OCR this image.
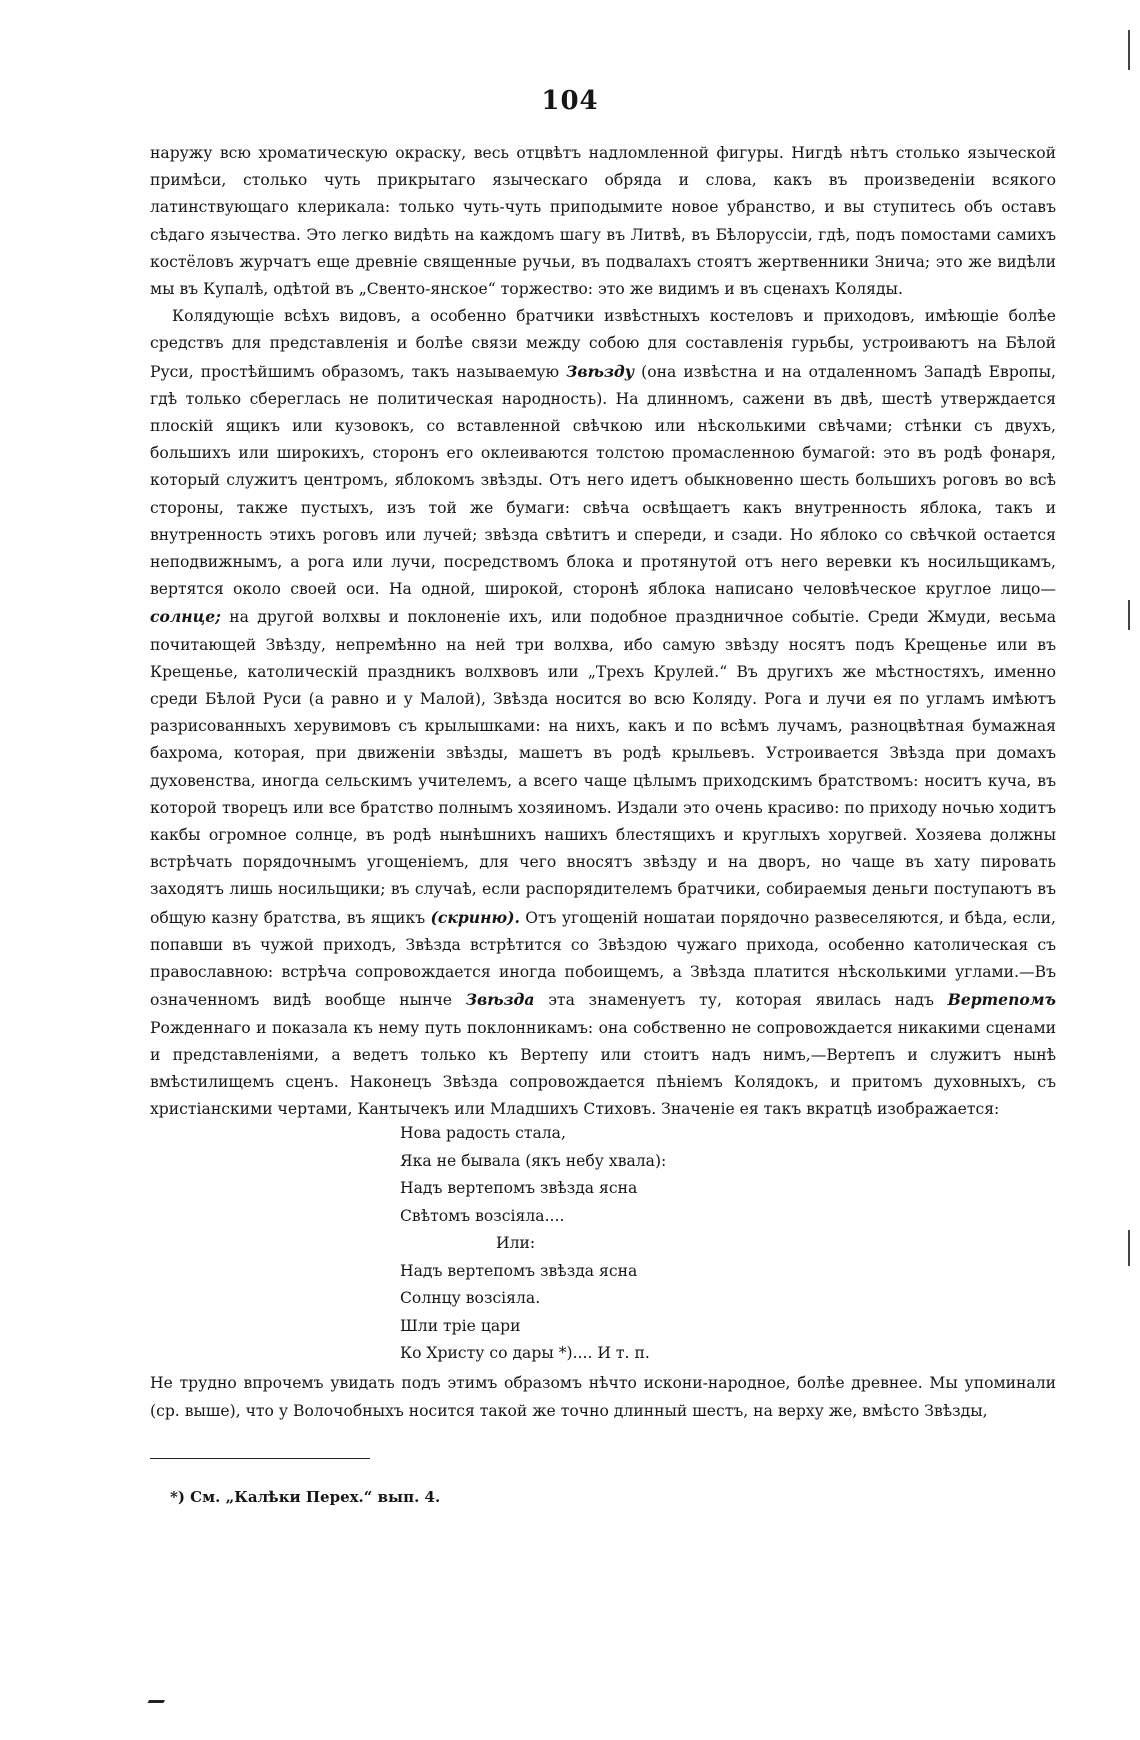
104

наружу всю хроматическую окраску, весь отцвѣтъ надломленной фигуры. Нигдѣ нѣтъ столько языческой примѣси, столько чуть прикрытаго языческаго обряда и слова, какъ въ произведеніи всякого латинствующаго клерикала: только чуть-чуть приподымите новое убранство, и вы ступитесь объ оставъ сѣдаго язычества. Это легко видѣть на каждомъ шагу въ Литвѣ, въ Бѣлоруссіи, гдѣ, подъ помостами самихъ костёловъ журчатъ еще древніе священные ручьи, въ подвалахъ стоятъ жертвенники Знича; это же видѣли мы въ Купалѣ, одѣтой въ „Свенто-янское“ торжество: это же видимъ и въ сценахъ Коляды.

Колядующіе всѣхъ видовъ, а особенно братчики извѣстныхъ костеловъ и приходовъ, имѣющіе болѣе средствъ для представленія и болѣе связи между собою для составленія гурьбы, устроиваютъ на Бѣлой Руси, простѣйшимъ образомъ, такъ называемую Звѣзду (она извѣстна и на отдаленномъ Западѣ Европы, гдѣ только сбереглась не политическая народность). На длинномъ, сажени въ двѣ, шестѣ утверждается плоскій ящикъ или кузовокъ, со вставленной свѣчкою или нѣсколькими свѣчами; стѣнки съ двухъ, большихъ или широкихъ, сторонъ его оклеиваются толстою промасленною бумагой: это въ родѣ фонаря, который служитъ центромъ, яблокомъ звѣзды. Отъ него идетъ обыкновенно шесть большихъ роговъ во всѣ стороны, также пустыхъ, изъ той же бумаги: свѣча освѣщаетъ какъ внутренность яблока, такъ и внутренность этихъ роговъ или лучей; звѣзда свѣтитъ и спереди, и сзади. Но яблоко со свѣчкой остается неподвижнымъ, а рога или лучи, посредствомъ блока и протянутой отъ него веревки къ носильщикамъ, вертятся около своей оси. На одной, широкой, сторонѣ яблока написано человѣческое круглое лицо—солнце; на другой волхвы и поклоненіе ихъ, или подобное праздничное событіе. Среди Жмуди, весьма почитающей Звѣзду, непремѣнно на ней три волхва, ибо самую звѣзду носятъ подъ Крещенье или въ Крещенье, католическій праздникъ волхвовъ или „Трехъ Крулей.“ Въ другихъ же мѣстностяхъ, именно среди Бѣлой Руси (а равно и у Малой), Звѣзда носится во всю Коляду. Рога и лучи ея по угламъ имѣютъ разрисованныхъ херувимовъ съ крылышками: на нихъ, какъ и по всѣмъ лучамъ, разноцвѣтная бумажная бахрома, которая, при движеніи звѣзды, машетъ въ родѣ крыльевъ. Устроивается Звѣзда при домахъ духовенства, иногда сельскимъ учителемъ, а всего чаще цѣлымъ приходскимъ братствомъ: носитъ куча, въ которой творецъ или все братство полнымъ хозяиномъ. Издали это очень красиво: по приходу ночью ходитъ какбы огромное солнце, въ родѣ нынѣшнихъ нашихъ блестящихъ и круглыхъ хоругвей. Хозяева должны встрѣчать порядочнымъ угощеніемъ, для чего вносятъ звѣзду и на дворъ, но чаще въ хату пировать заходятъ лишь носильщики; въ случаѣ, если распорядителемъ братчики, собираемыя деньги поступаютъ въ общую казну братства, въ ящикъ (скриню). Отъ угощеній ношатаи порядочно развеселяются, и бѣда, если, попавши въ чужой приходъ, Звѣзда встрѣтится со Звѣздою чужаго прихода, особенно католическая съ православною: встрѣча сопровождается иногда побоищемъ, а Звѣзда платится нѣсколькими углами.—Въ означенномъ видѣ вообще нынче Звѣзда эта знаменуетъ ту, которая явилась надъ Вертепомъ Рожденнаго и показала къ нему путь поклонникамъ: она собственно не сопровождается никакими сценами и представленіями, а ведетъ только къ Вертепу или стоитъ надъ нимъ,—Вертепъ и служитъ нынѣ вмѣстилищемъ сценъ. Наконецъ Звѣзда сопровождается пѣніемъ Колядокъ, и притомъ духовныхъ, съ христіанскими чертами, Кантычекъ или Младшихъ Стиховъ. Значеніе ея такъ вкратцѣ изображается:

Нова радость стала,
Яка не бывала (якъ небу хвала):
Надъ вертепомъ звѣзда ясна
Свѣтомъ возсіяла....
Или:
Надъ вертепомъ звѣзда ясна
Солнцу возсіяла.
Шли тріе цари
Ко Христу со дары *).... И т. п.

Не трудно впрочемъ увидать подъ этимъ образомъ нѣчто искони-народное, болѣе древнее. Мы упоминали (ср. выше), что у Волочобныхъ носится такой же точно длинный шестъ, на верху же, вмѣсто Звѣзды,

*) См. „Калѣки Перех.“ вып. 4.
